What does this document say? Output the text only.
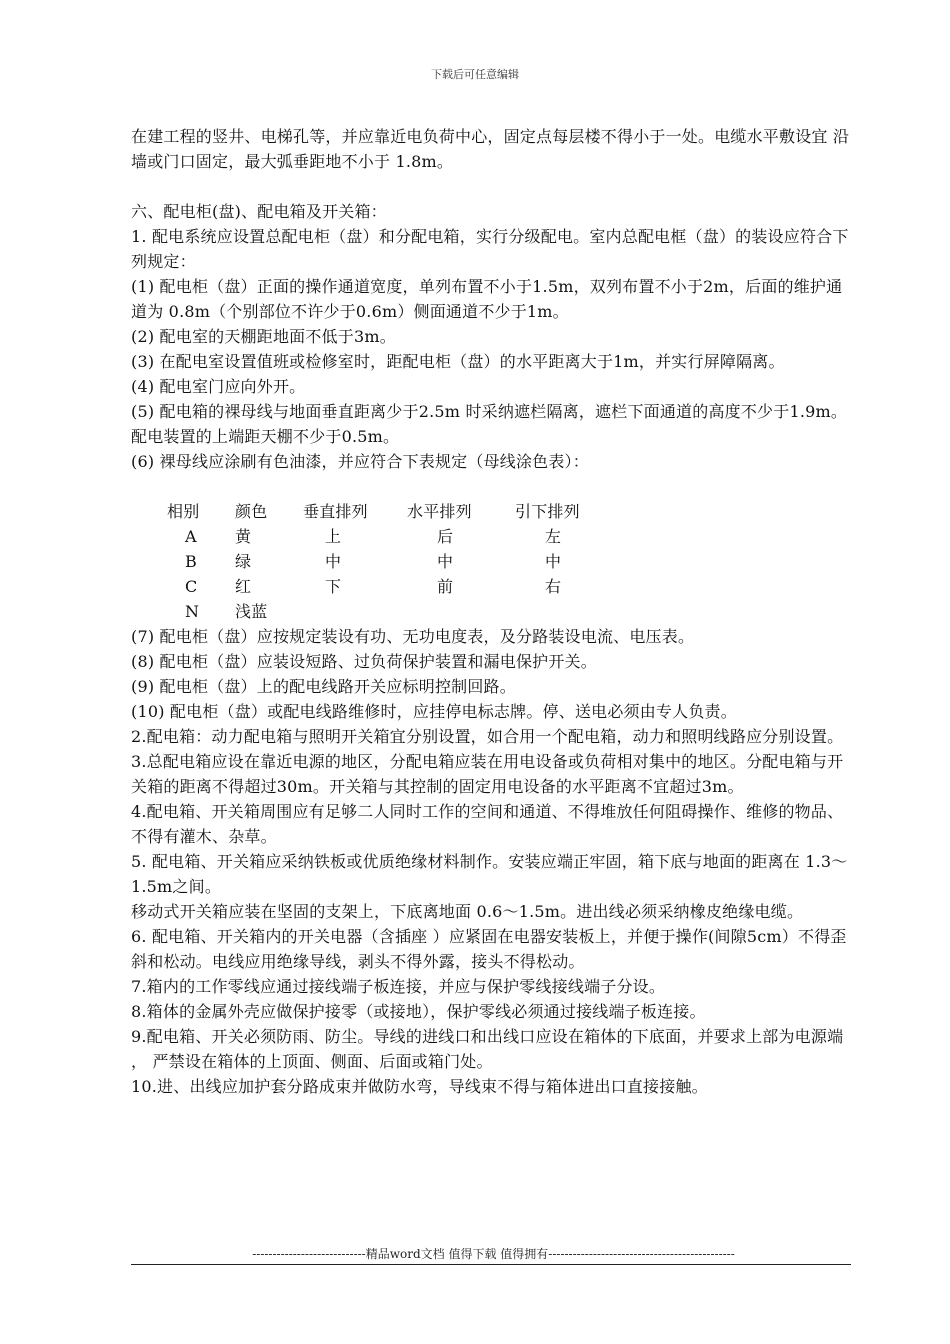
下载后可任意编辑

在建工程的竖井、电梯孔等，并应靠近电负荷中心，固定点每层楼不得小于一处。电缆水平敷设宜 沿墙或门口固定，最大弧垂距地不小于 1.8m。

六、配电柜(盘)、配电箱及开关箱：

1. 配电系统应设置总配电柜（盘）和分配电箱，实行分级配电。室内总配电框（盘）的装设应符合下列规定：

(1) 配电柜（盘）正面的操作通道宽度，单列布置不小于1.5m，双列布置不小于2m，后面的维护通道为 0.8m（个别部位不许少于0.6m）侧面通道不少于1m。

(2) 配电室的天棚距地面不低于3m。

(3) 在配电室设置值班或检修室时，距配电柜（盘）的水平距离大于1m，并实行屏障隔离。

(4) 配电室门应向外开。

(5) 配电箱的裸母线与地面垂直距离少于2.5m 时采纳遮栏隔离，遮栏下面通道的高度不少于1.9m。配电装置的上端距天棚不少于0.5m。

(6) 裸母线应涂刷有色油漆，并应符合下表规定（母线涂色表）：

相别	颜色	垂直排列	水平排列	引下排列
A	黄	上	后	左
B	绿	中	中	中
C	红	下	前	右
N	浅蓝

(7) 配电柜（盘）应按规定装设有功、无功电度表，及分路装设电流、电压表。

(8) 配电柜（盘）应装设短路、过负荷保护装置和漏电保护开关。

(9) 配电柜（盘）上的配电线路开关应标明控制回路。

(10) 配电柜（盘）或配电线路维修时，应挂停电标志牌。停、送电必须由专人负责。

2.配电箱：动力配电箱与照明开关箱宜分别设置，如合用一个配电箱，动力和照明线路应分别设置。

3.总配电箱应设在靠近电源的地区，分配电箱应装在用电设备或负荷相对集中的地区。分配电箱与开关箱的距离不得超过30m。开关箱与其控制的固定用电设备的水平距离不宜超过3m。

4.配电箱、开关箱周围应有足够二人同时工作的空间和通道、不得堆放任何阻碍操作、维修的物品、不得有灌木、杂草。

5. 配电箱、开关箱应采纳铁板或优质绝缘材料制作。安装应端正牢固，箱下底与地面的距离在 1.3～1.5m之间。

移动式开关箱应装在坚固的支架上，下底离地面 0.6～1.5m。进出线必须采纳橡皮绝缘电缆。

6. 配电箱、开关箱内的开关电器（含插座 ）应紧固在电器安装板上，并便于操作(间隙5cm）不得歪斜和松动。电线应用绝缘导线，剥头不得外露，接头不得松动。

7.箱内的工作零线应通过接线端子板连接，并应与保护零线接线端子分设。

8.箱体的金属外壳应做保护接零（或接地），保护零线必须通过接线端子板连接。

9.配电箱、开关必须防雨、防尘。导线的进线口和出线口应设在箱体的下底面，并要求上部为电源端 ， 严禁设在箱体的上顶面、侧面、后面或箱门处。

10.进、出线应加护套分路成束并做防水弯，导线束不得与箱体进出口直接接触。

----------------------------精品word文档 值得下载 值得拥有----------------------------------------------
